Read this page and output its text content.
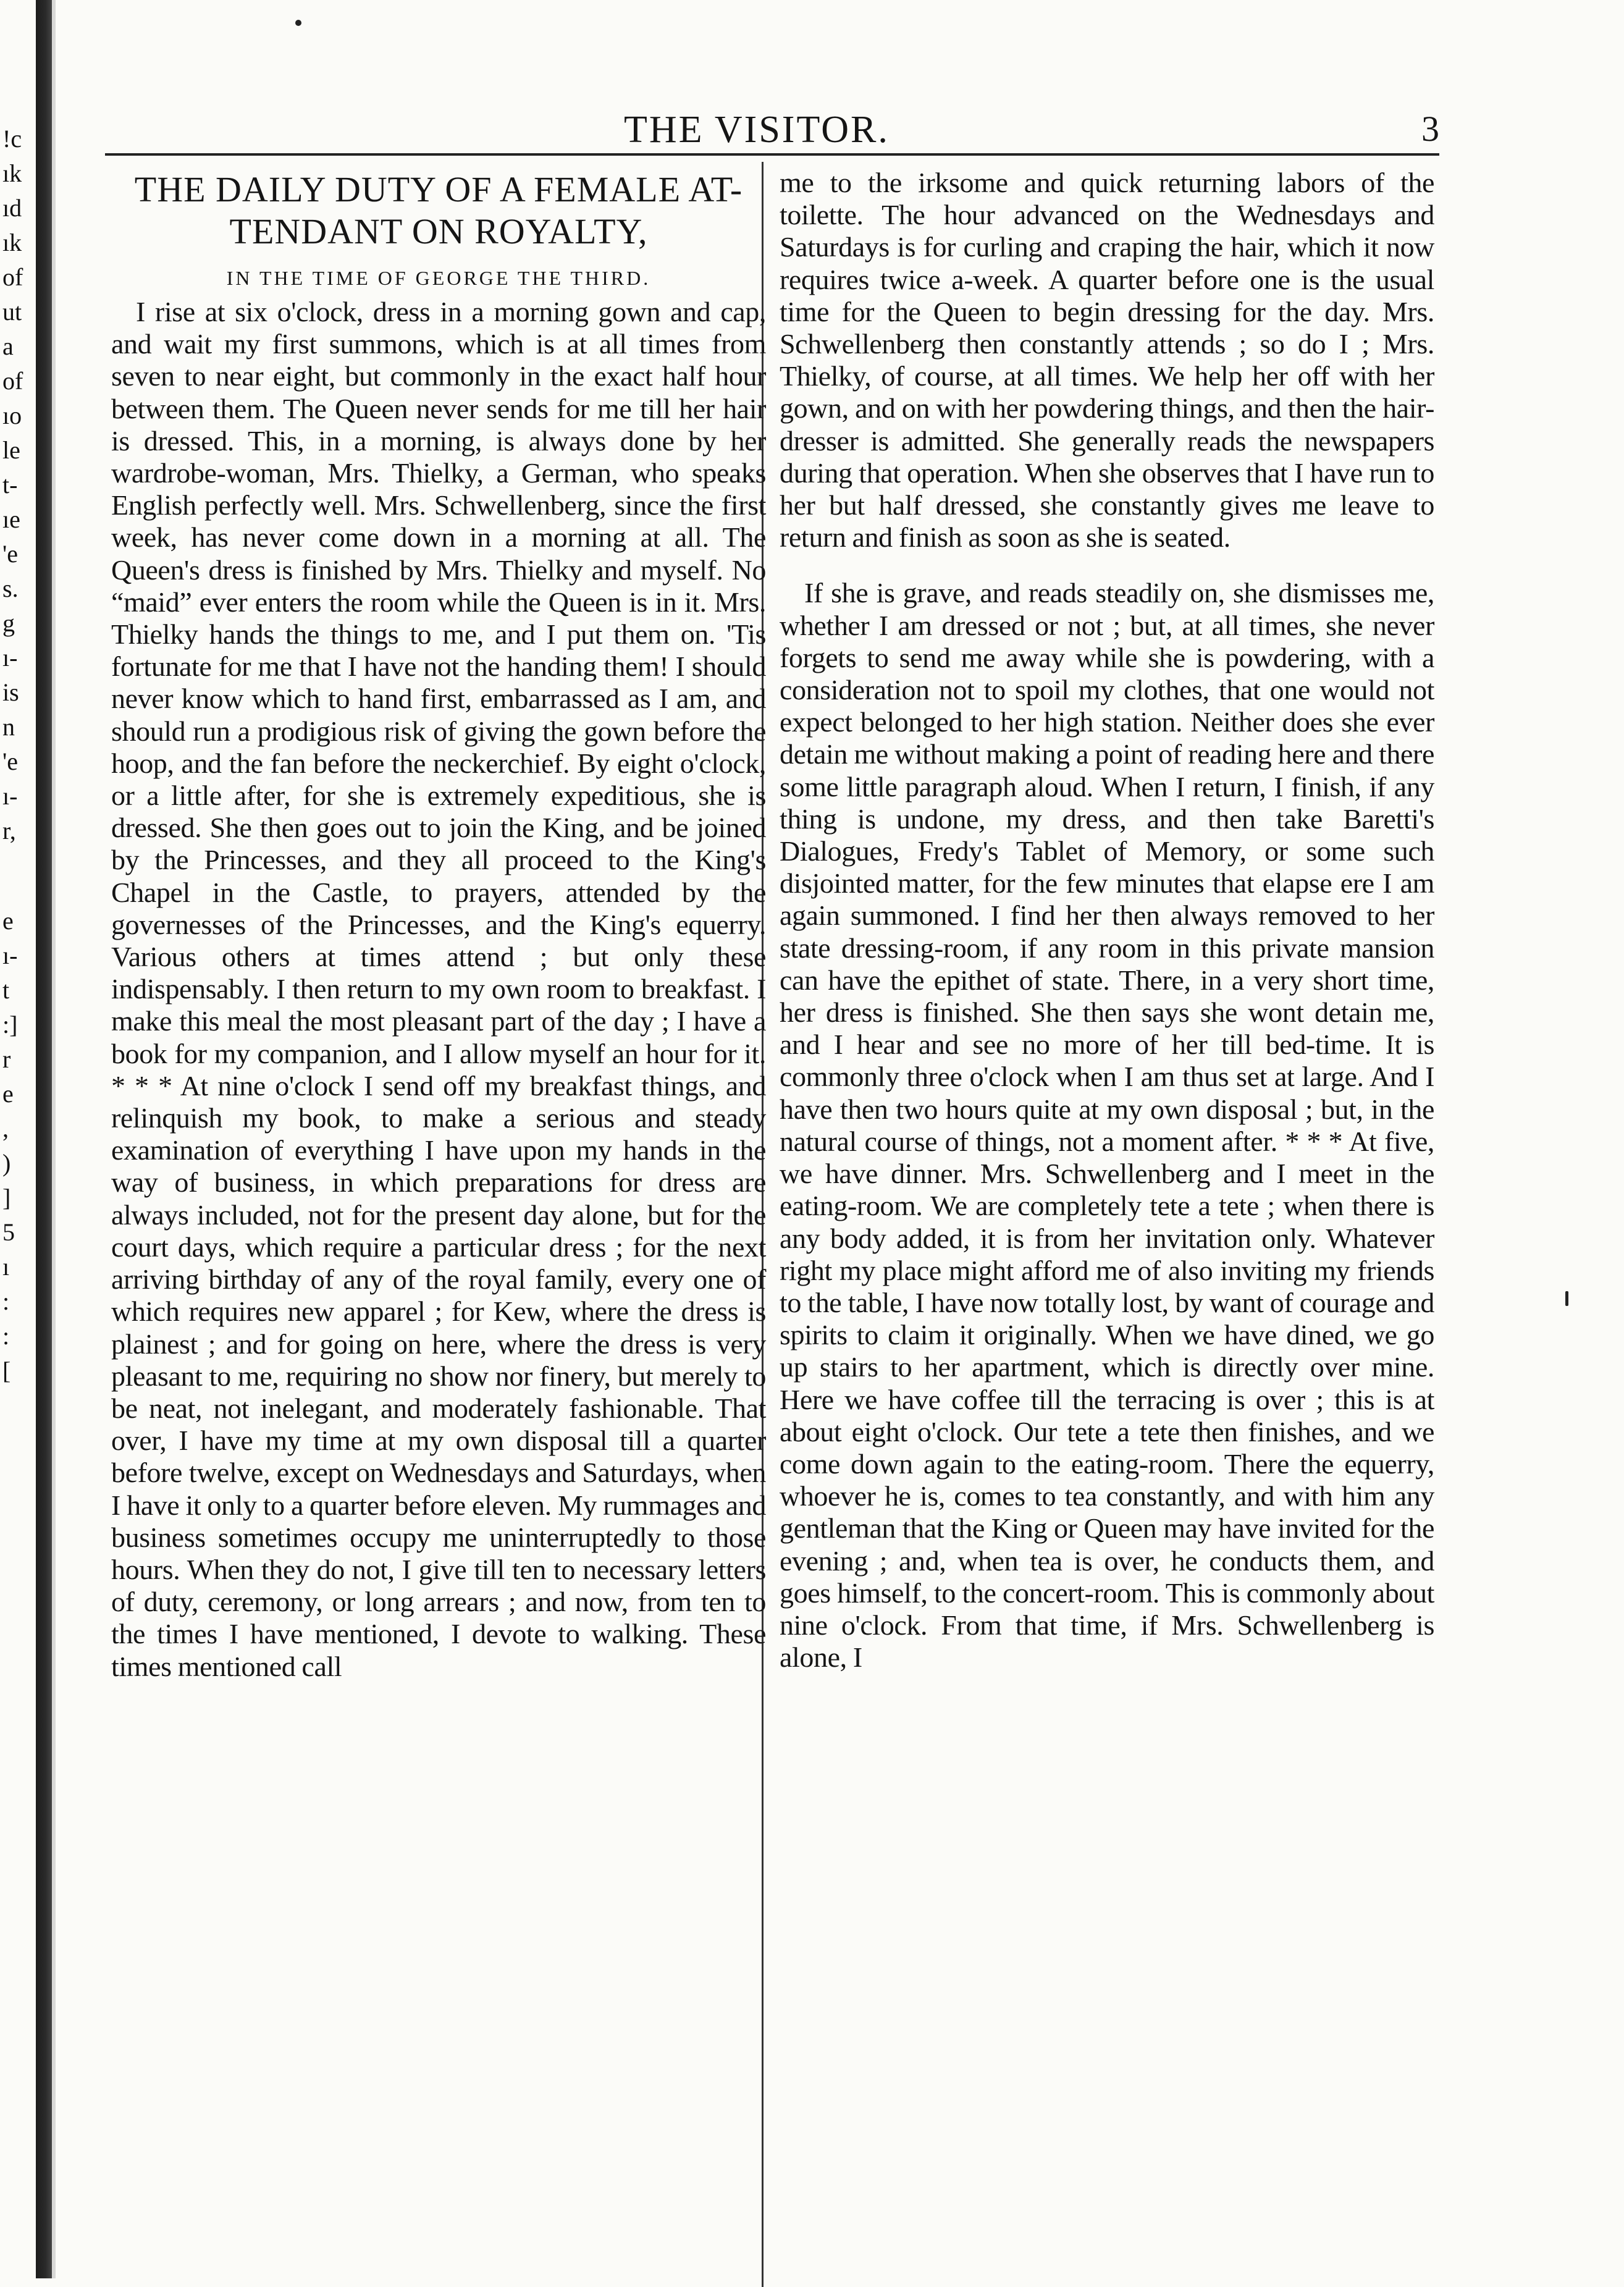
!c
ık
ıd
ık
of
ut
a
of
ıo
le
t-
ıe
'e
s.
g
ı-
is
n
'e
ı-
r,
e
ı-
t
:]
r
e
,
)
]
5
ı
:
:
[
THE VISITOR.	3
THE DAILY DUTY OF A FEMALE AT-
TENDANT ON ROYALTY,
IN THE TIME OF GEORGE THE THIRD.

I rise at six o'clock, dress in a morning gown and cap, and wait my first summons, which is at all times from seven to near eight, but commonly in the exact half hour between them. The Queen never sends for me till her hair is dressed. This, in a morning, is always done by her wardrobe-woman, Mrs. Thielky, a German, who speaks English perfectly well. Mrs. Schwellenberg, since the first week, has never come down in a morning at all. The Queen's dress is finished by Mrs. Thielky and myself. No “maid” ever enters the room while the Queen is in it. Mrs. Thielky hands the things to me, and I put them on. 'Tis fortunate for me that I have not the handing them! I should never know which to hand first, embarrassed as I am, and should run a prodigious risk of giving the gown before the hoop, and the fan before the neckerchief. By eight o'clock, or a little after, for she is extremely expeditious, she is dressed. She then goes out to join the King, and be joined by the Princesses, and they all proceed to the King's Chapel in the Castle, to prayers, attended by the governesses of the Princesses, and the King's equerry. Various others at times attend ; but only these indispensably. I then return to my own room to breakfast. I make this meal the most pleasant part of the day ; I have a book for my companion, and I allow myself an hour for it. * * * At nine o'clock I send off my breakfast things, and relinquish my book, to make a serious and steady examination of everything I have upon my hands in the way of business, in which preparations for dress are always included, not for the present day alone, but for the court days, which require a particular dress ; for the next arriving birthday of any of the royal family, every one of which requires new apparel ; for Kew, where the dress is plainest ; and for going on here, where the dress is very pleasant to me, requiring no show nor finery, but merely to be neat, not inelegant, and moderately fashionable. That over, I have my time at my own disposal till a quarter before twelve, except on Wednesdays and Saturdays, when I have it only to a quarter before eleven. My rummages and business sometimes occupy me uninterruptedly to those hours. When they do not, I give till ten to necessary letters of duty, ceremony, or long arrears ; and now, from ten to the times I have mentioned, I devote to walking. These times mentioned call

me to the irksome and quick returning labors of the toilette. The hour advanced on the Wednesdays and Saturdays is for curling and craping the hair, which it now requires twice a-week. A quarter before one is the usual time for the Queen to begin dressing for the day. Mrs. Schwellenberg then constantly attends ; so do I ; Mrs. Thielky, of course, at all times. We help her off with her gown, and on with her powdering things, and then the hair-dresser is admitted. She generally reads the newspapers during that operation. When she observes that I have run to her but half dressed, she constantly gives me leave to return and finish as soon as she is seated.

If she is grave, and reads steadily on, she dismisses me, whether I am dressed or not ; but, at all times, she never forgets to send me away while she is powdering, with a consideration not to spoil my clothes, that one would not expect belonged to her high station. Neither does she ever detain me without making a point of reading here and there some little paragraph aloud. When I return, I finish, if any thing is undone, my dress, and then take Baretti's Dialogues, Fredy's Tablet of Memory, or some such disjointed matter, for the few minutes that elapse ere I am again summoned. I find her then always removed to her state dressing-room, if any room in this private mansion can have the epithet of state. There, in a very short time, her dress is finished. She then says she wont detain me, and I hear and see no more of her till bed-time. It is commonly three o'clock when I am thus set at large. And I have then two hours quite at my own disposal ; but, in the natural course of things, not a moment after. * * * At five, we have dinner. Mrs. Schwellenberg and I meet in the eating-room. We are completely tete a tete ; when there is any body added, it is from her invitation only. Whatever right my place might afford me of also inviting my friends to the table, I have now totally lost, by want of courage and spirits to claim it originally. When we have dined, we go up stairs to her apartment, which is directly over mine. Here we have coffee till the terracing is over ; this is at about eight o'clock. Our tete a tete then finishes, and we come down again to the eating-room. There the equerry, whoever he is, comes to tea constantly, and with him any gentleman that the King or Queen may have invited for the evening ; and, when tea is over, he conducts them, and goes himself, to the concert-room. This is commonly about nine o'clock. From that time, if Mrs. Schwellenberg is alone, I
